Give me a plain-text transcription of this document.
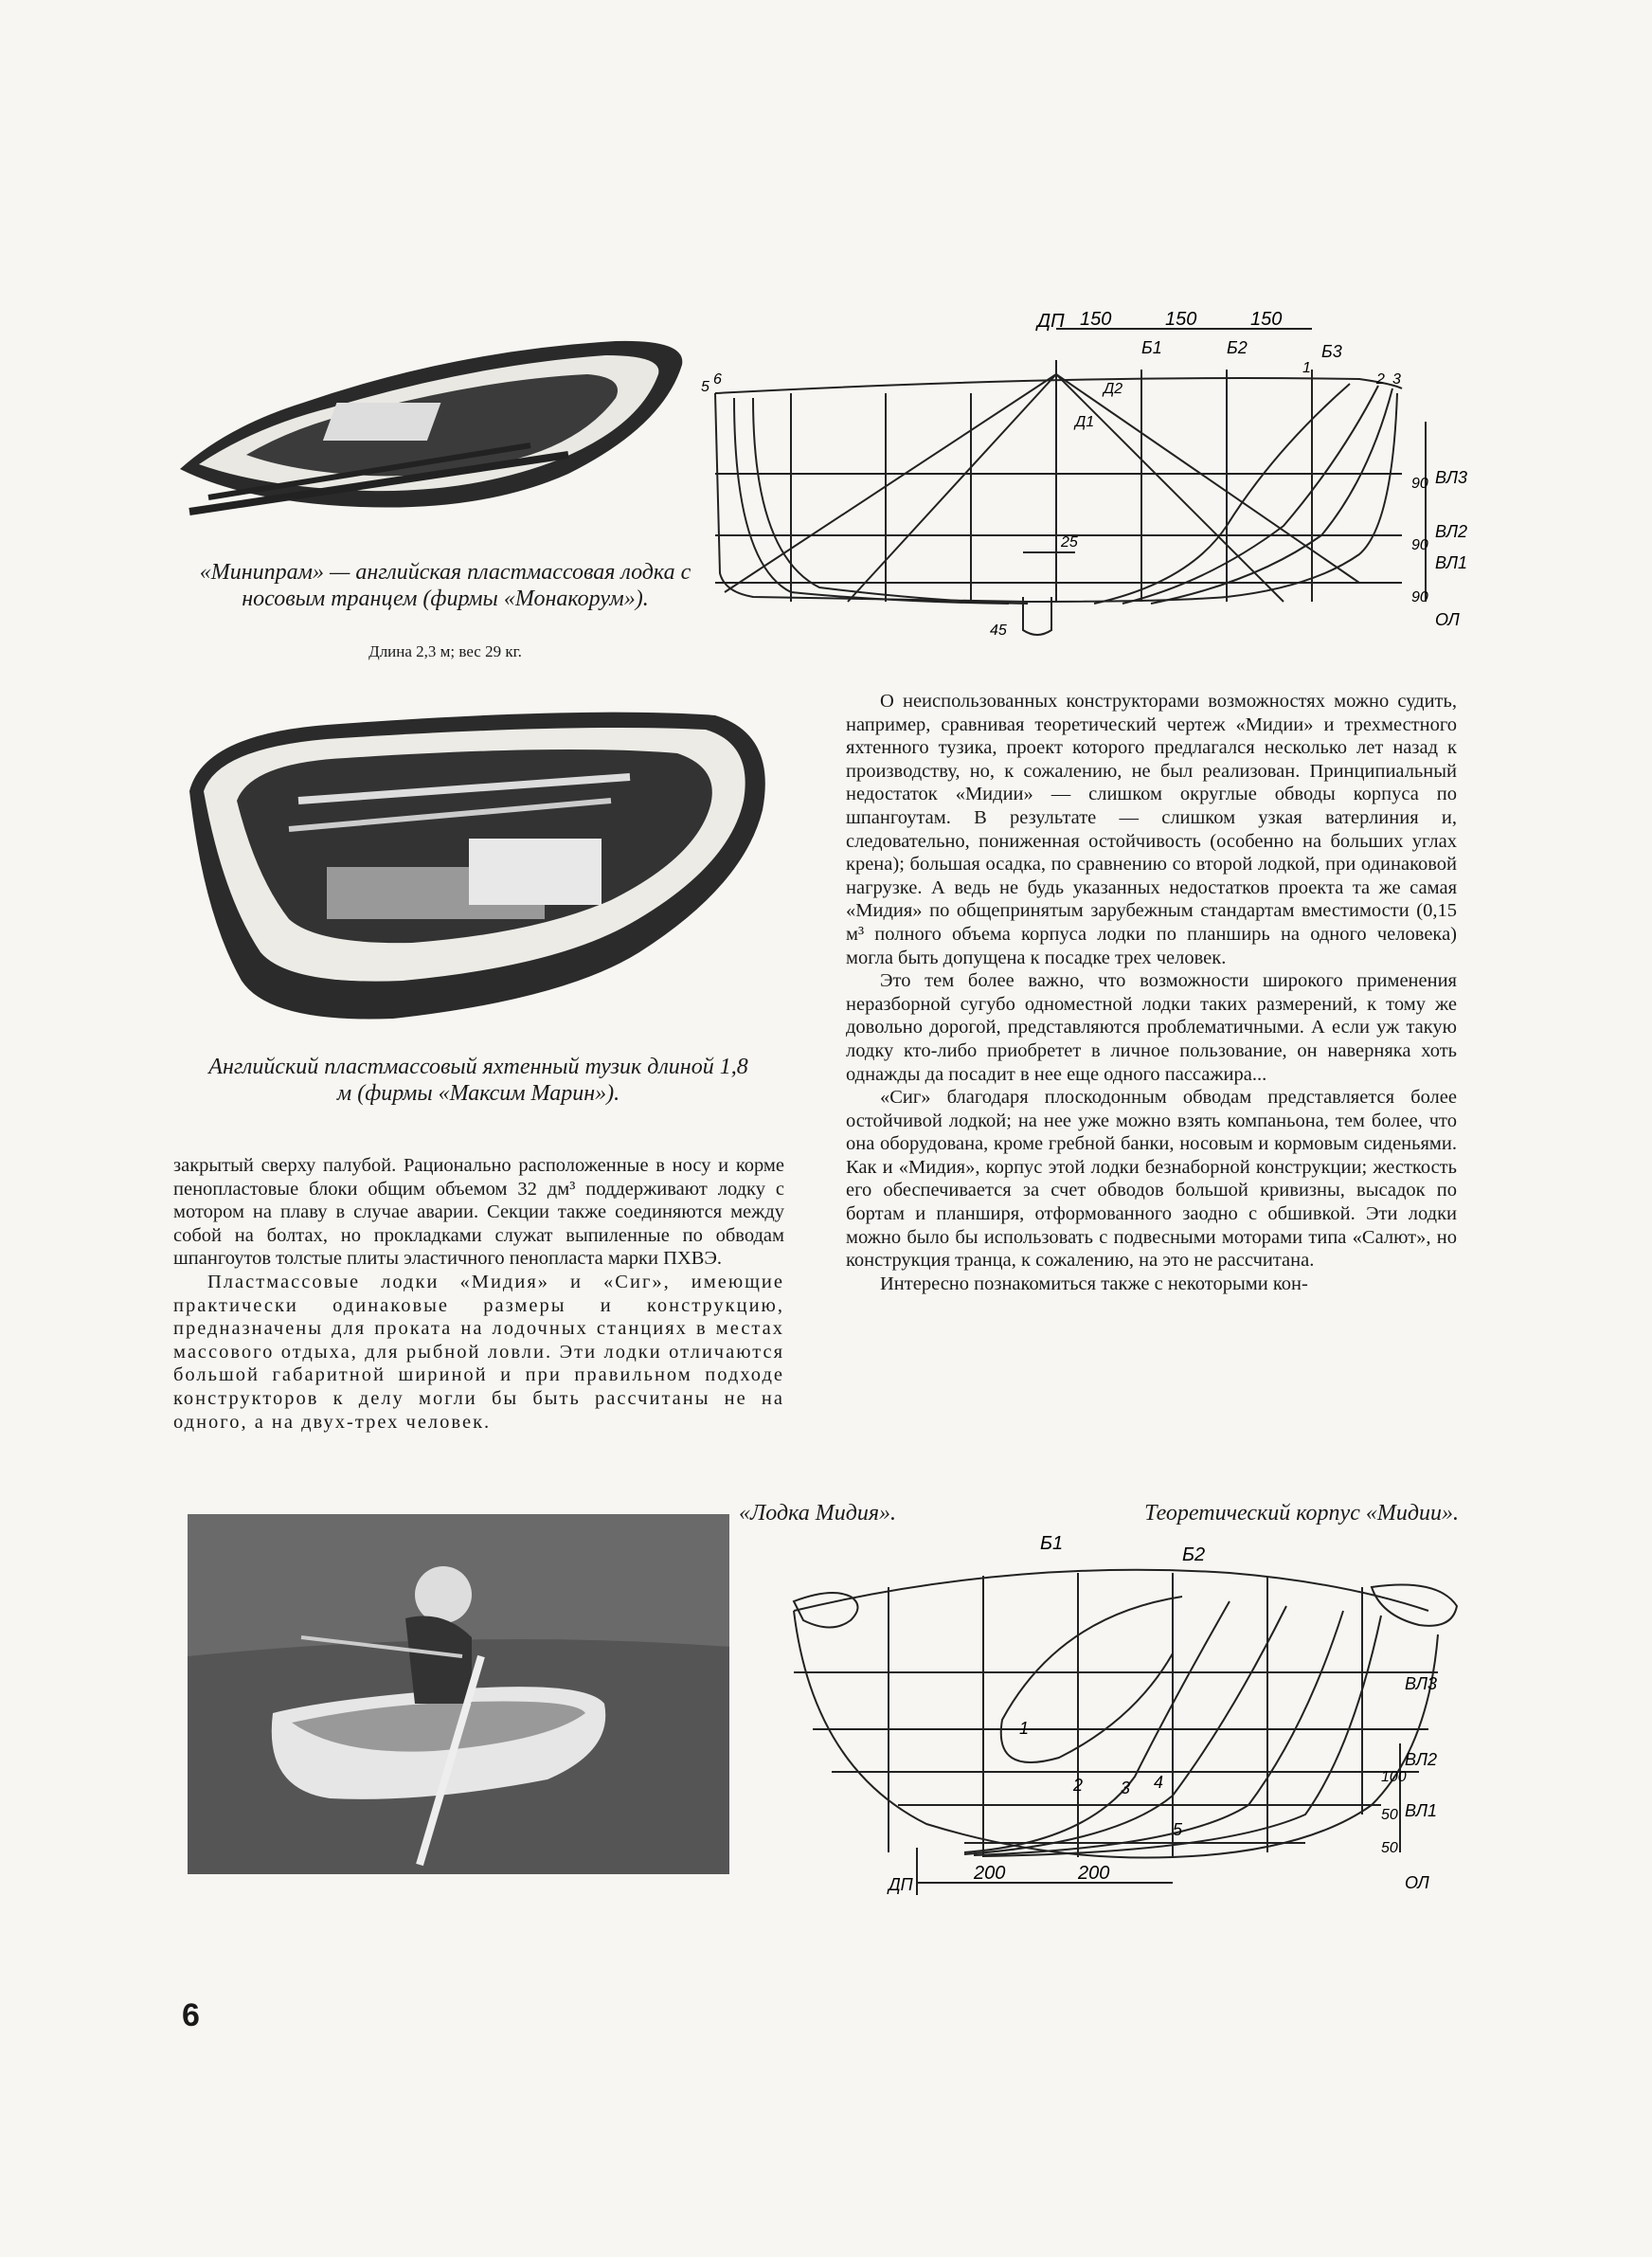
«Минипрам» — английская пластмассовая лодка с носовым транцем (фирмы «Монакорум»).
Длина 2,3 м; вес 29 кг.
Английский пластмассовый яхтенный тузик длиной 1,8 м (фирмы «Максим Марин»).
ДП 150	150	150
Б1	Б2	Б3
Д2
Д1
5 6
1
2 3
ВЛ3
ВЛ2
ВЛ1
ОЛ
90
90
90
25
45

О неиспользованных конструкторами возможностях можно судить, например, сравнивая теоретический чертеж «Мидии» и трехместного яхтенного тузика, проект которого предлагался несколько лет назад к производству, но, к сожалению, не был реализован. Принципиальный недостаток «Мидии» — слишком округлые обводы корпуса по шпангоутам. В результате — слишком узкая ватерлиния и, следовательно, пониженная остойчивость (особенно на больших углах крена); большая осадка, по сравнению со второй лодкой, при одинаковой нагрузке. А ведь не будь указанных недостатков проекта та же самая «Мидия» по общепринятым зарубежным стандартам вместимости (0,15 м³ полного объема корпуса лодки по планширь на одного человека) могла быть допущена к посадке трех человек.

Это тем более важно, что возможности широкого применения неразборной сугубо одноместной лодки таких размерений, к тому же довольно дорогой, представляются проблематичными. А если уж такую лодку кто-либо приобретет в личное пользование, он наверняка хоть однажды да посадит в нее еще одного пассажира...

«Сиг» благодаря плоскодонным обводам представляется более остойчивой лодкой; на нее уже можно взять компаньона, тем более, что она оборудована, кроме гребной банки, носовым и кормовым сиденьями. Как и «Мидия», корпус этой лодки безнаборной конструкции; жесткость его обеспечивается за счет обводов большой кривизны, высадок по бортам и планширя, отформованного заодно с обшивкой. Эти лодки можно было бы использовать с подвесными моторами типа «Салют», но конструкция транца, к сожалению, на это не рассчитана.

Интересно познакомиться также с некоторыми кон-

закрытый сверху палубой. Рационально расположенные в носу и корме пенопластовые блоки общим объемом 32 дм³ поддерживают лодку с мотором на плаву в случае аварии. Секции также соединяются между собой на болтах, но прокладками служат выпиленные по обводам шпангоутов толстые плиты эластичного пенопласта марки ПХВЭ.

Пластмассовые лодки «Мидия» и «Сиг», имеющие практически одинаковые размеры и конструкцию, предназначены для проката на лодочных станциях в местах массового отдыха, для рыбной ловли. Эти лодки отличаются большой габаритной шириной и при правильном подходе конструкторов к делу могли бы быть рассчитаны не на одного, а на двух-трех человек.

«Лодка Мидия».	Теоретический корпус «Мидии».
Б1
Б2
ВЛ3
ВЛ2
ВЛ1
ОЛ
ДП
200	200
100
50
50
1
2 3 4
5
6
